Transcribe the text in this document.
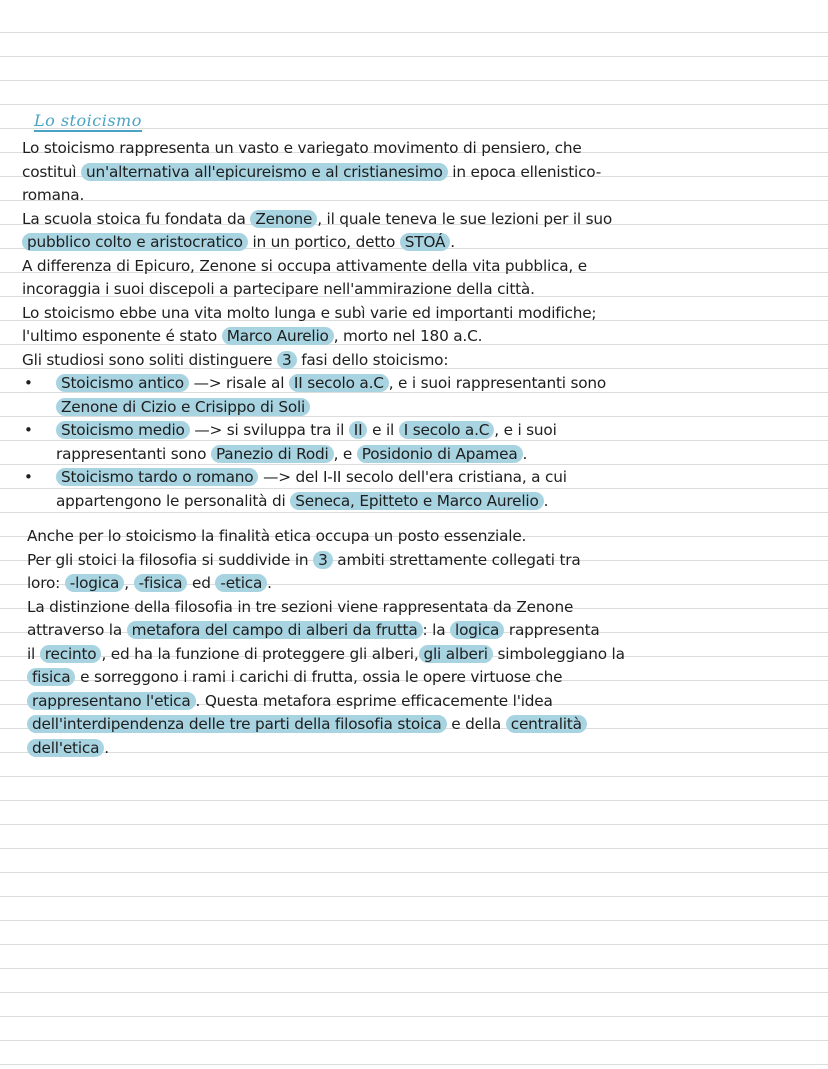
Lo stoicismo

Lo stoicismo rappresenta un vasto e variegato movimento di pensiero, che
costituì un'alternativa all'epicureismo e al cristianesimo in epoca ellenistico-
romana.
La scuola stoica fu fondata da Zenone , il quale teneva le sue lezioni per il suo
pubblico colto e aristocratico in un portico, detto STOÁ .
A differenza di Epicuro, Zenone si occupa attivamente della vita pubblica, e
incoraggia i suoi discepoli a partecipare nell'ammirazione della città.
Lo stoicismo ebbe una vita molto lunga e subì varie ed importanti modifiche;
l'ultimo esponente é stato Marco Aurelio , morto nel 180 a.C.
Gli studiosi sono soliti distinguere 3 fasi dello stoicismo:

• Stoicismo antico —> risale al II secolo a.C , e i suoi rappresentanti sono
Zenone di Cizio e Crisippo di Soli
• Stoicismo medio —> si sviluppa tra il II e il I secolo a.C , e i suoi
rappresentanti sono Panezio di Rodi , e Posidonio di Apamea .
• Stoicismo tardo o romano —> del I-II secolo dell'era cristiana, a cui
appartengono le personalità di Seneca, Epitteto e Marco Aurelio .

Anche per lo stoicismo la finalità etica occupa un posto essenziale.
Per gli stoici la filosofia si suddivide in 3 ambiti strettamente collegati tra
loro: -logica , -fisica ed -etica .
La distinzione della filosofia in tre sezioni viene rappresentata da Zenone
attraverso la metafora del campo di alberi da frutta : la logica rappresenta
il recinto , ed ha la funzione di proteggere gli alberi, gli alberi simboleggiano la
fisica e sorreggono i rami i carichi di frutta, ossia le opere virtuose che
rappresentano l'etica . Questa metafora esprime efficacemente l'idea
dell'interdipendenza delle tre parti della filosofia stoica e della centralità
dell'etica .
